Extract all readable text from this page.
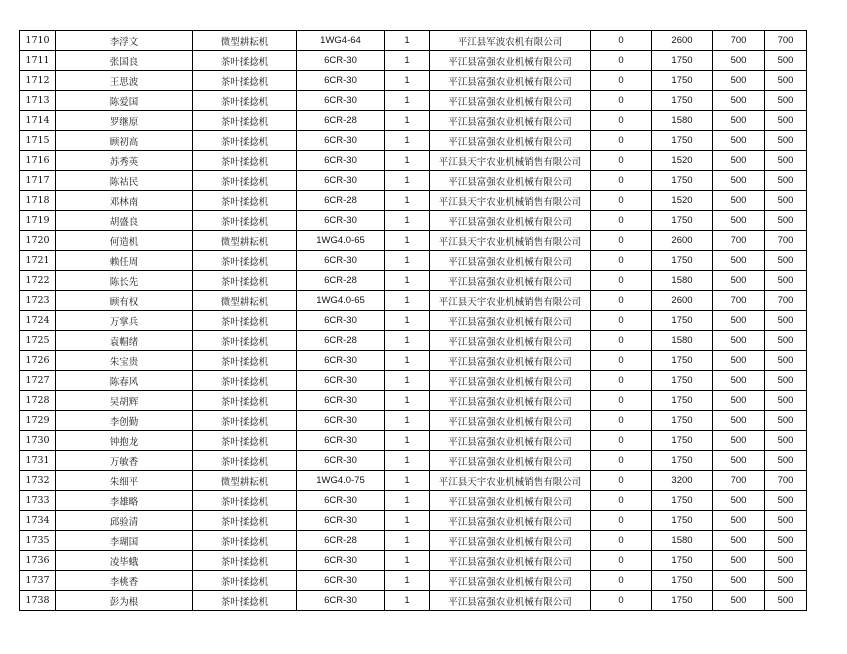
1710	李浮文	微型耕耘机	1WG4-64	1	平江县军波农机有限公司	0	2600	700	700
1711	张国良	茶叶揉捻机	6CR-30	1	平江县富强农业机械有限公司	0	1750	500	500
1712	王思波	茶叶揉捻机	6CR-30	1	平江县富强农业机械有限公司	0	1750	500	500
1713	陈爱国	茶叶揉捻机	6CR-30	1	平江县富强农业机械有限公司	0	1750	500	500
1714	罗继原	茶叶揉捻机	6CR-28	1	平江县富强农业机械有限公司	0	1580	500	500
1715	顾初高	茶叶揉捻机	6CR-30	1	平江县富强农业机械有限公司	0	1750	500	500
1716	苏秀英	茶叶揉捻机	6CR-30	1	平江县天宇农业机械销售有限公司	0	1520	500	500
1717	陈祜民	茶叶揉捻机	6CR-30	1	平江县富强农业机械有限公司	0	1750	500	500
1718	邓林南	茶叶揉捻机	6CR-28	1	平江县天宇农业机械销售有限公司	0	1520	500	500
1719	胡盛良	茶叶揉捻机	6CR-30	1	平江县富强农业机械有限公司	0	1750	500	500
1720	何造机	微型耕耘机	1WG4.0-65	1	平江县天宇农业机械销售有限公司	0	2600	700	700
1721	赖任周	茶叶揉捻机	6CR-30	1	平江县富强农业机械有限公司	0	1750	500	500
1722	陈长先	茶叶揉捻机	6CR-28	1	平江县富强农业机械有限公司	0	1580	500	500
1723	顾有权	微型耕耘机	1WG4.0-65	1	平江县天宇农业机械销售有限公司	0	2600	700	700
1724	万掌兵	茶叶揉捻机	6CR-30	1	平江县富强农业机械有限公司	0	1750	500	500
1725	袁帽绪	茶叶揉捻机	6CR-28	1	平江县富强农业机械有限公司	0	1580	500	500
1726	朱宝贵	茶叶揉捻机	6CR-30	1	平江县富强农业机械有限公司	0	1750	500	500
1727	陈春风	茶叶揉捻机	6CR-30	1	平江县富强农业机械有限公司	0	1750	500	500
1728	吴胡辉	茶叶揉捻机	6CR-30	1	平江县富强农业机械有限公司	0	1750	500	500
1729	李创勤	茶叶揉捻机	6CR-30	1	平江县富强农业机械有限公司	0	1750	500	500
1730	钟抱龙	茶叶揉捻机	6CR-30	1	平江县富强农业机械有限公司	0	1750	500	500
1731	万敏香	茶叶揉捻机	6CR-30	1	平江县富强农业机械有限公司	0	1750	500	500
1732	朱细平	微型耕耘机	1WG4.0-75	1	平江县天宇农业机械销售有限公司	0	3200	700	700
1733	李雄略	茶叶揉捻机	6CR-30	1	平江县富强农业机械有限公司	0	1750	500	500
1734	邱验清	茶叶揉捻机	6CR-30	1	平江县富强农业机械有限公司	0	1750	500	500
1735	李瑚国	茶叶揉捻机	6CR-28	1	平江县富强农业机械有限公司	0	1580	500	500
1736	凌毕蛾	茶叶揉捻机	6CR-30	1	平江县富强农业机械有限公司	0	1750	500	500
1737	李桃香	茶叶揉捻机	6CR-30	1	平江县富强农业机械有限公司	0	1750	500	500
1738	彭为根	茶叶揉捻机	6CR-30	1	平江县富强农业机械有限公司	0	1750	500	500
